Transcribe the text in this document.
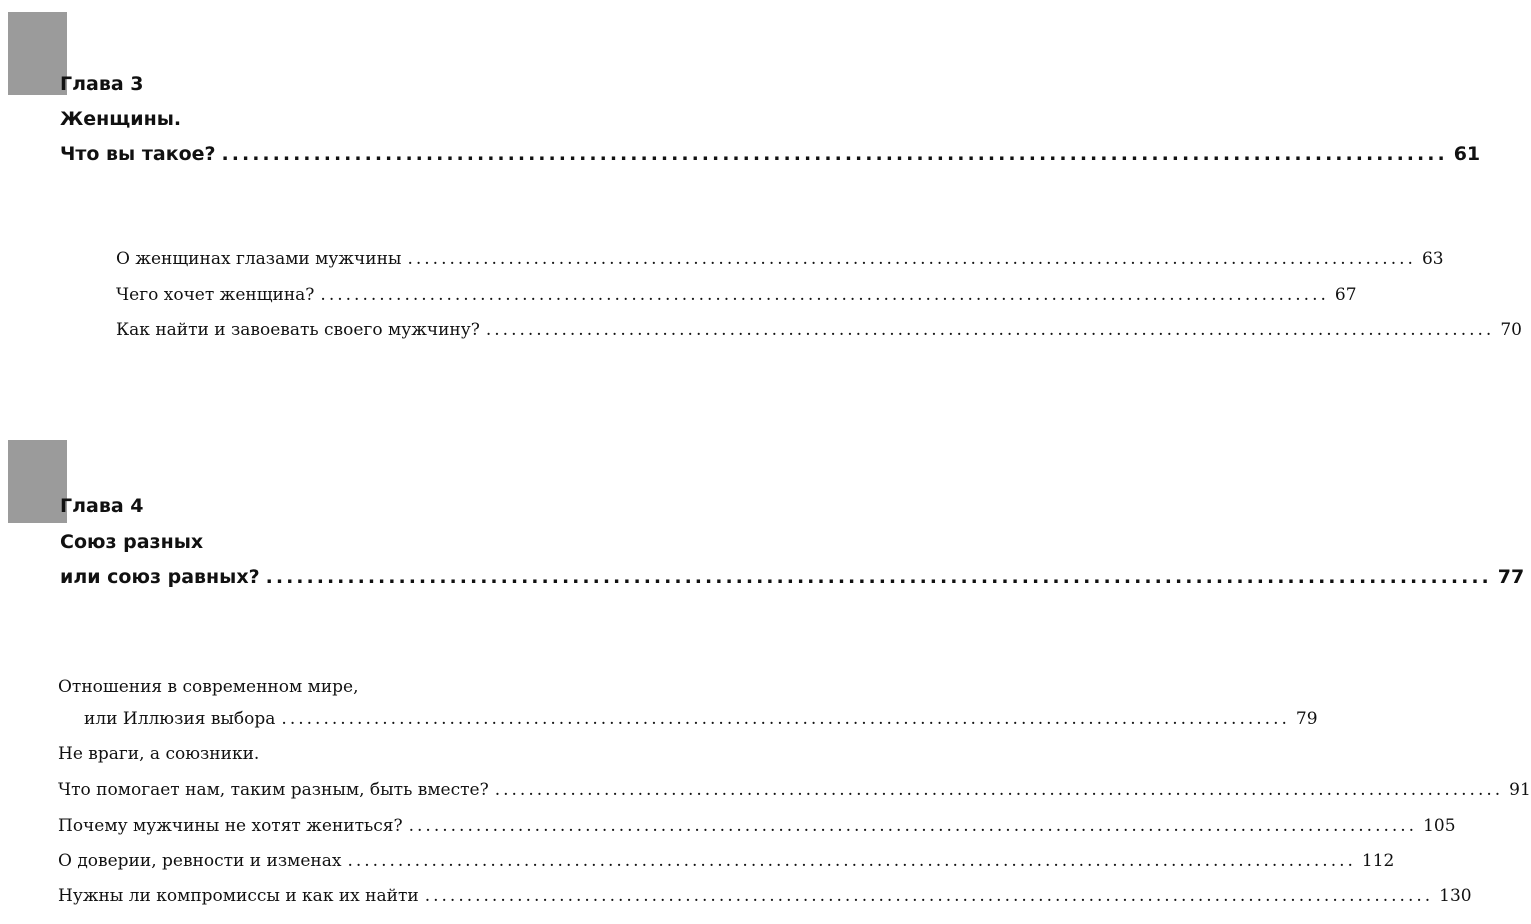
Глава 3
Женщины.
Что вы такое? ........................................................................................................................ 61
О женщинах глазами мужчины ........................................................................................................................ 63
Чего хочет женщина? ........................................................................................................................ 67
Как найти и завоевать своего мужчину? ........................................................................................................................ 70
Глава 4
Союз разных
или союз равных? ........................................................................................................................ 77
Отношения в современном мире,
или Иллюзия выбора ........................................................................................................................ 79
Не враги, а союзники.
Что помогает нам, таким разным, быть вместе? ........................................................................................................................ 91
Почему мужчины не хотят жениться? ........................................................................................................................ 105
О доверии, ревности и изменах ........................................................................................................................ 112
Нужны ли компромиссы и как их найти ........................................................................................................................ 130
